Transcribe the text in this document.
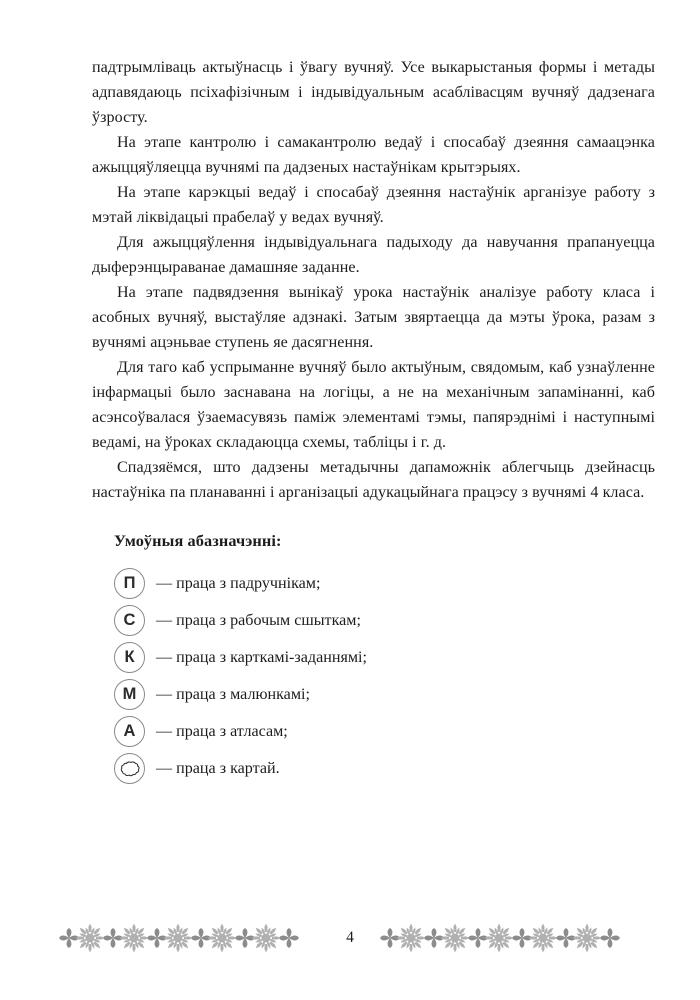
падтрымліваць актыўнасць і ўвагу вучняў. Усе выкарыстаныя формы і метады адпавядаюць псіхафізічным і індывідуальным асаблівасцям вучняў дадзенага ўзросту.

На этапе кантролю і самакантролю ведаў і спосабаў дзеяння самаацэнка ажыццяўляецца вучнямі па дадзеных настаўнікам крытэрыях.

На этапе карэкцыі ведаў і спосабаў дзеяння настаўнік арганізуе работу з мэтай ліквідацыі прабелаў у ведах вучняў.

Для ажыццяўлення індывідуальнага падыходу да навучання прапануецца дыферэнцыраванае дамашняе заданне.

На этапе падвядзення вынікаў урока настаўнік аналізуе работу класа і асобных вучняў, выстаўляе адзнакі. Затым звяртаецца да мэты ўрока, разам з вучнямі ацэньвае ступень яе дасягнення.

Для таго каб успрыманне вучняў было актыўным, свядомым, каб узнаўленне інфармацыі было заснавана на логіцы, а не на механічным запамінанні, каб асэнсоўвалася ўзаемасувязь паміж элементамі тэмы, папярэднімі і наступнымі ведамі, на ўроках складаюцца схемы, табліцы і г. д.

Спадзяёмся, што дадзены метадычны дапаможнік аблегчыць дзейнасць настаўніка па планаванні і арганізацыі адукацыйнага працэсу з вучнямі 4 класа.

Умоўныя абазначэнні:
П — праца з падручнікам;
С — праца з рабочым сшыткам;
К — праца з карткамі-заданнямі;
М — праца з малюнкамі;
А — праца з атласам;
— праца з картай.
4
